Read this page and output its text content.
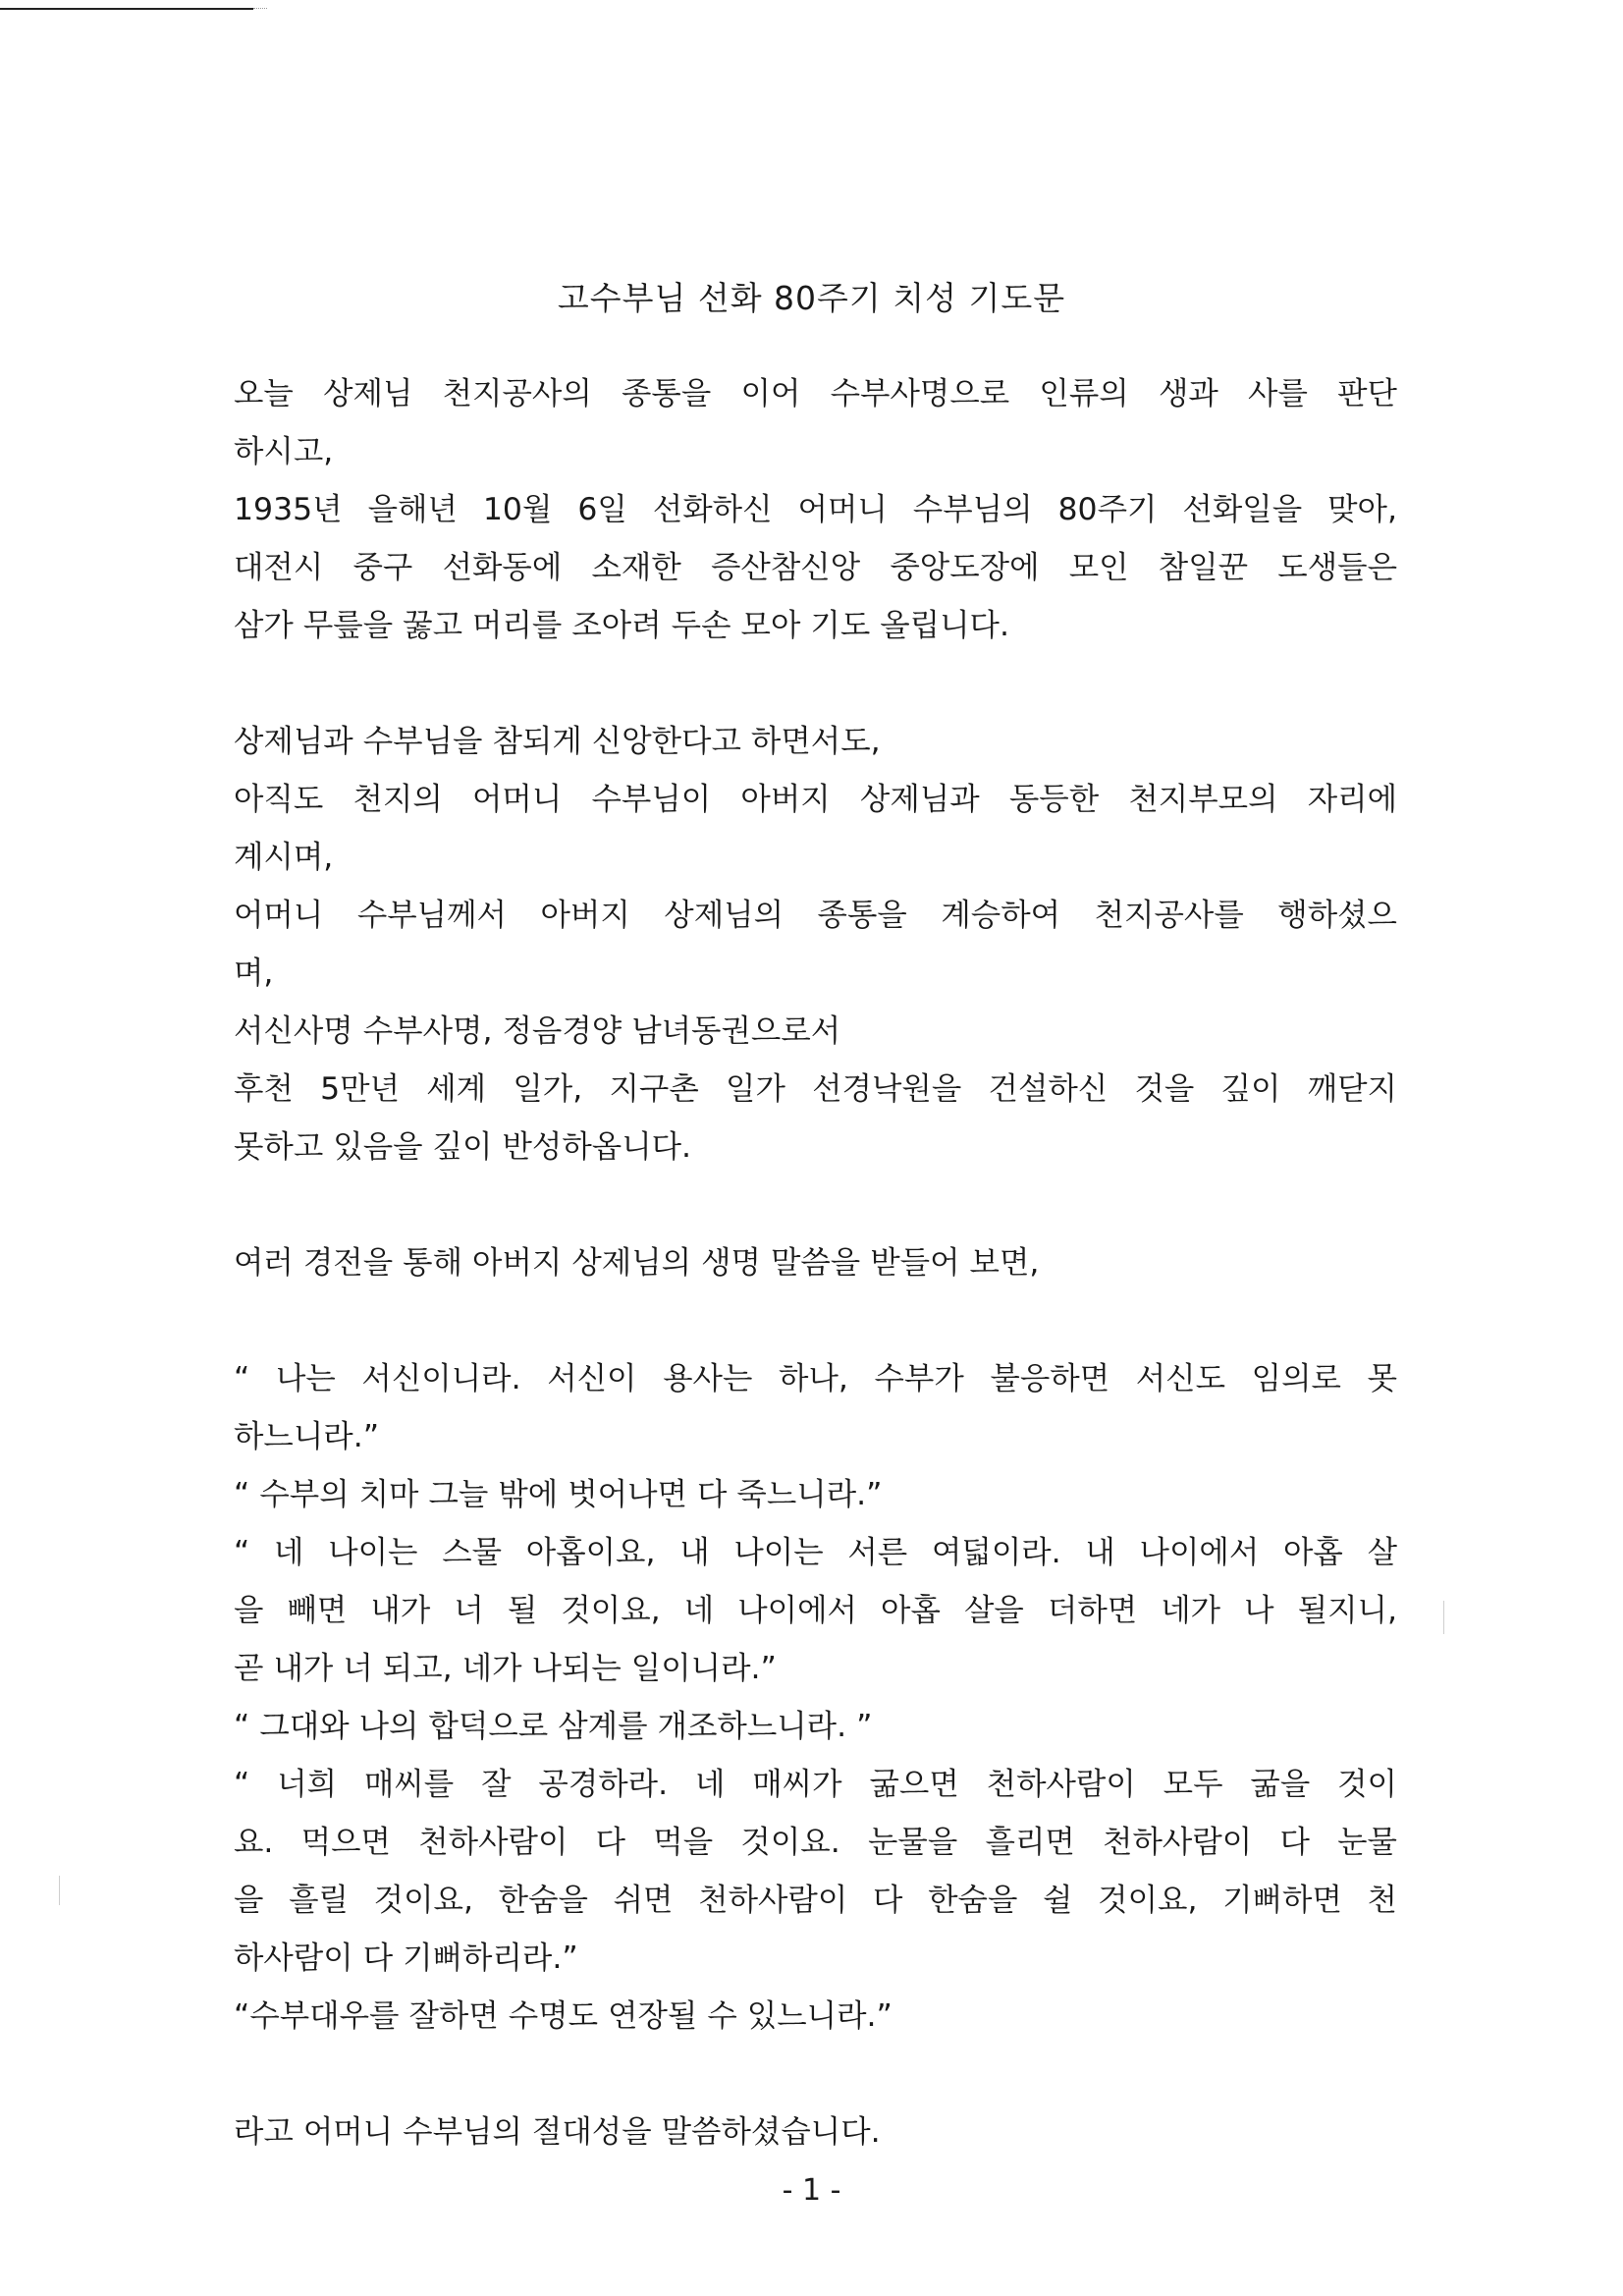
고수부님 선화 80주기 치성 기도문
오늘 상제님 천지공사의 종통을 이어 수부사명으로 인류의 생과 사를 판단
하시고,
1935년 을해년 10월 6일 선화하신 어머니 수부님의 80주기 선화일을 맞아,
대전시 중구 선화동에 소재한 증산참신앙 중앙도장에 모인 참일꾼 도생들은
삼가 무릎을 꿇고 머리를 조아려 두손 모아 기도 올립니다.
상제님과 수부님을 참되게 신앙한다고 하면서도,
아직도 천지의 어머니 수부님이 아버지 상제님과 동등한 천지부모의 자리에
계시며,
어머니 수부님께서 아버지 상제님의 종통을 계승하여 천지공사를 행하셨으
며,
서신사명 수부사명, 정음경양 남녀동권으로서
후천 5만년 세계 일가, 지구촌 일가 선경낙원을 건설하신 것을 깊이 깨닫지
못하고 있음을 깊이 반성하옵니다.
여러 경전을 통해 아버지 상제님의 생명 말씀을 받들어 보면,
“ 나는 서신이니라. 서신이 용사는 하나, 수부가 불응하면 서신도 임의로 못
하느니라.”
“ 수부의 치마 그늘 밖에 벗어나면 다 죽느니라.”
“ 네 나이는 스물 아홉이요, 내 나이는 서른 여덟이라. 내 나이에서 아홉 살
을 빼면 내가 너 될 것이요, 네 나이에서 아홉 살을 더하면 네가 나 될지니,
곧 내가 너 되고, 네가 나되는 일이니라.”
“ 그대와 나의 합덕으로 삼계를 개조하느니라. ”
“ 너희 매씨를 잘 공경하라. 네 매씨가 굶으면 천하사람이 모두 굶을 것이
요. 먹으면 천하사람이 다 먹을 것이요. 눈물을 흘리면 천하사람이 다 눈물
을 흘릴 것이요, 한숨을 쉬면 천하사람이 다 한숨을 쉴 것이요, 기뻐하면 천
하사람이 다 기뻐하리라.”
“수부대우를 잘하면 수명도 연장될 수 있느니라.”
라고 어머니 수부님의 절대성을 말씀하셨습니다.
- 1 -
